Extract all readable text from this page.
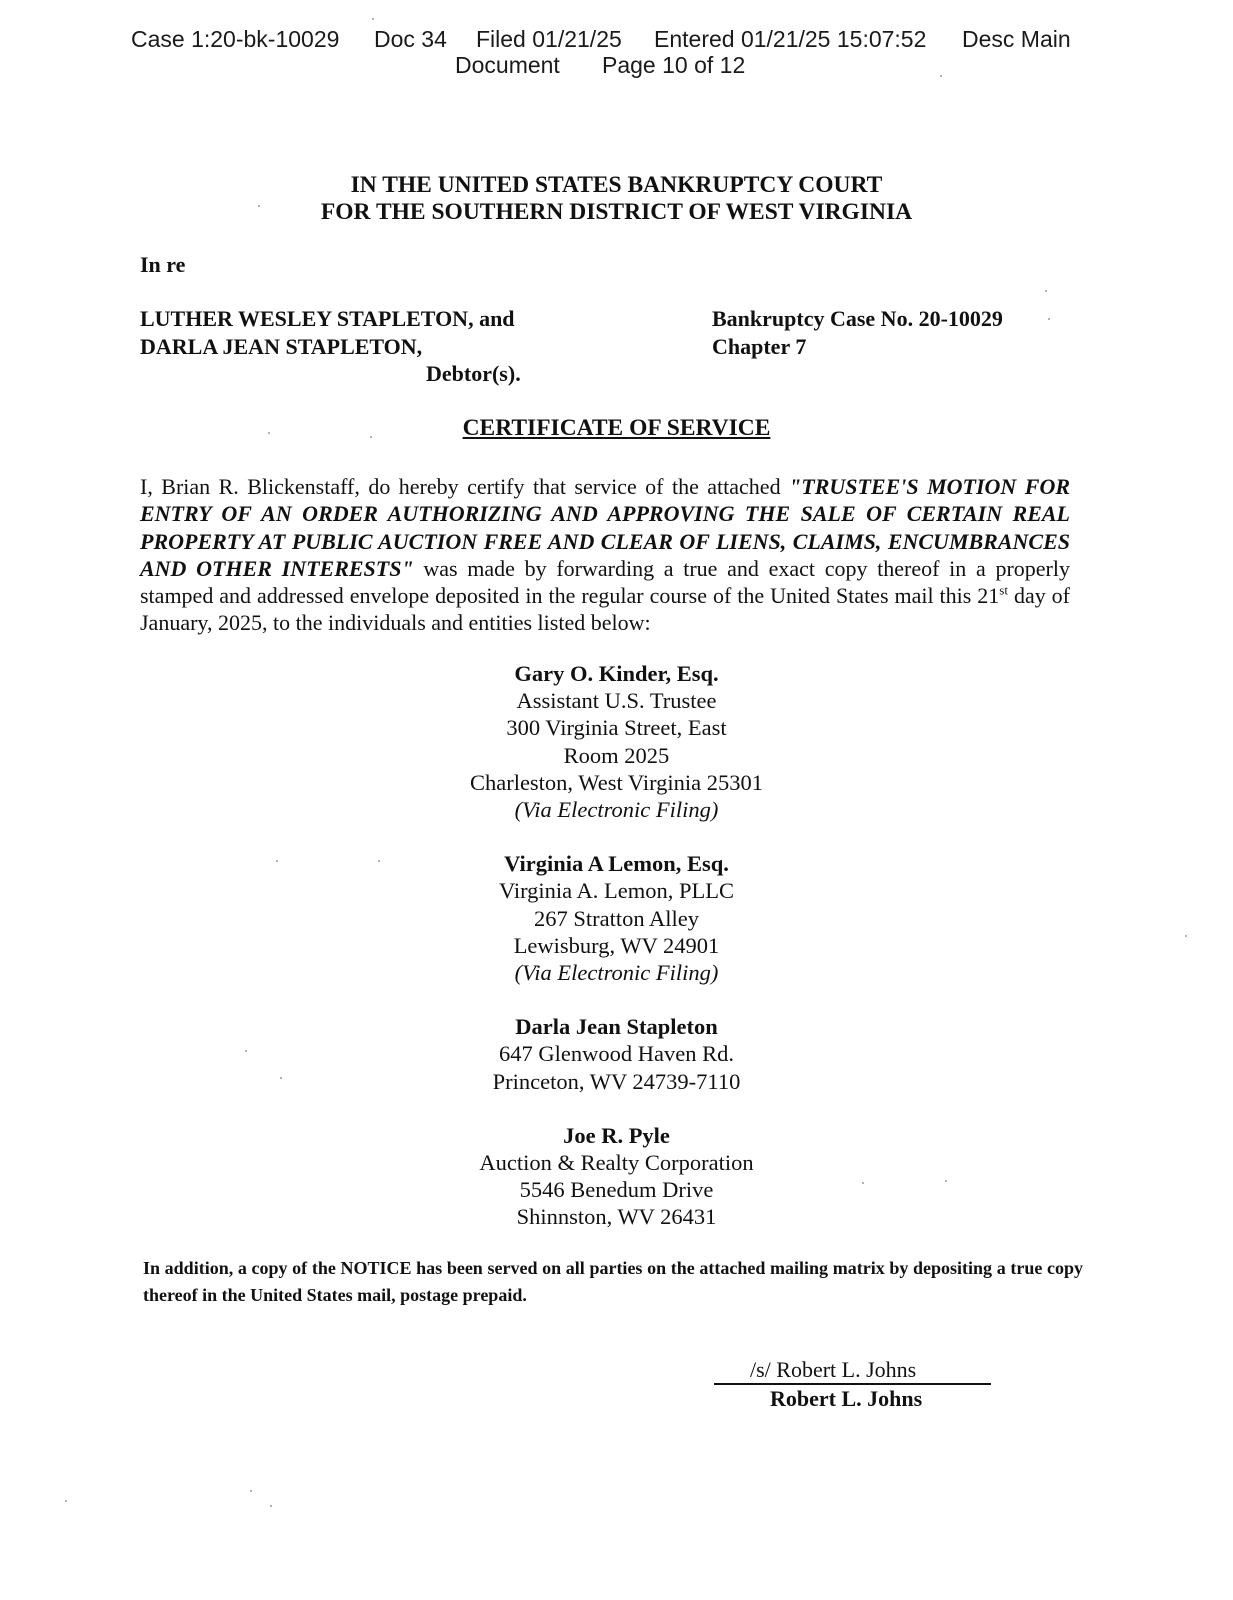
Case 1:20-bk-10029 Doc 34 Filed 01/21/25 Entered 01/21/25 15:07:52 Desc Main
Document Page 10 of 12
IN THE UNITED STATES BANKRUPTCY COURT
FOR THE SOUTHERN DISTRICT OF WEST VIRGINIA
In re
LUTHER WESLEY STAPLETON, and
DARLA JEAN STAPLETON,
Debtor(s).
Bankruptcy Case No. 20-10029
Chapter 7
CERTIFICATE OF SERVICE
I, Brian R. Blickenstaff, do hereby certify that service of the attached "TRUSTEE'S MOTION FOR ENTRY OF AN ORDER AUTHORIZING AND APPROVING THE SALE OF CERTAIN REAL PROPERTY AT PUBLIC AUCTION FREE AND CLEAR OF LIENS, CLAIMS, ENCUMBRANCES AND OTHER INTERESTS" was made by forwarding a true and exact copy thereof in a properly stamped and addressed envelope deposited in the regular course of the United States mail this 21st day of January, 2025, to the individuals and entities listed below:
Gary O. Kinder, Esq.
Assistant U.S. Trustee
300 Virginia Street, East
Room 2025
Charleston, West Virginia 25301
(Via Electronic Filing)
Virginia A Lemon, Esq.
Virginia A. Lemon, PLLC
267 Stratton Alley
Lewisburg, WV 24901
(Via Electronic Filing)
Darla Jean Stapleton
647 Glenwood Haven Rd.
Princeton, WV 24739-7110
Joe R. Pyle
Auction & Realty Corporation
5546 Benedum Drive
Shinnston, WV 26431
In addition, a copy of the NOTICE has been served on all parties on the attached mailing matrix by depositing a true copy thereof in the United States mail, postage prepaid.
/s/ Robert L. Johns
Robert L. Johns
